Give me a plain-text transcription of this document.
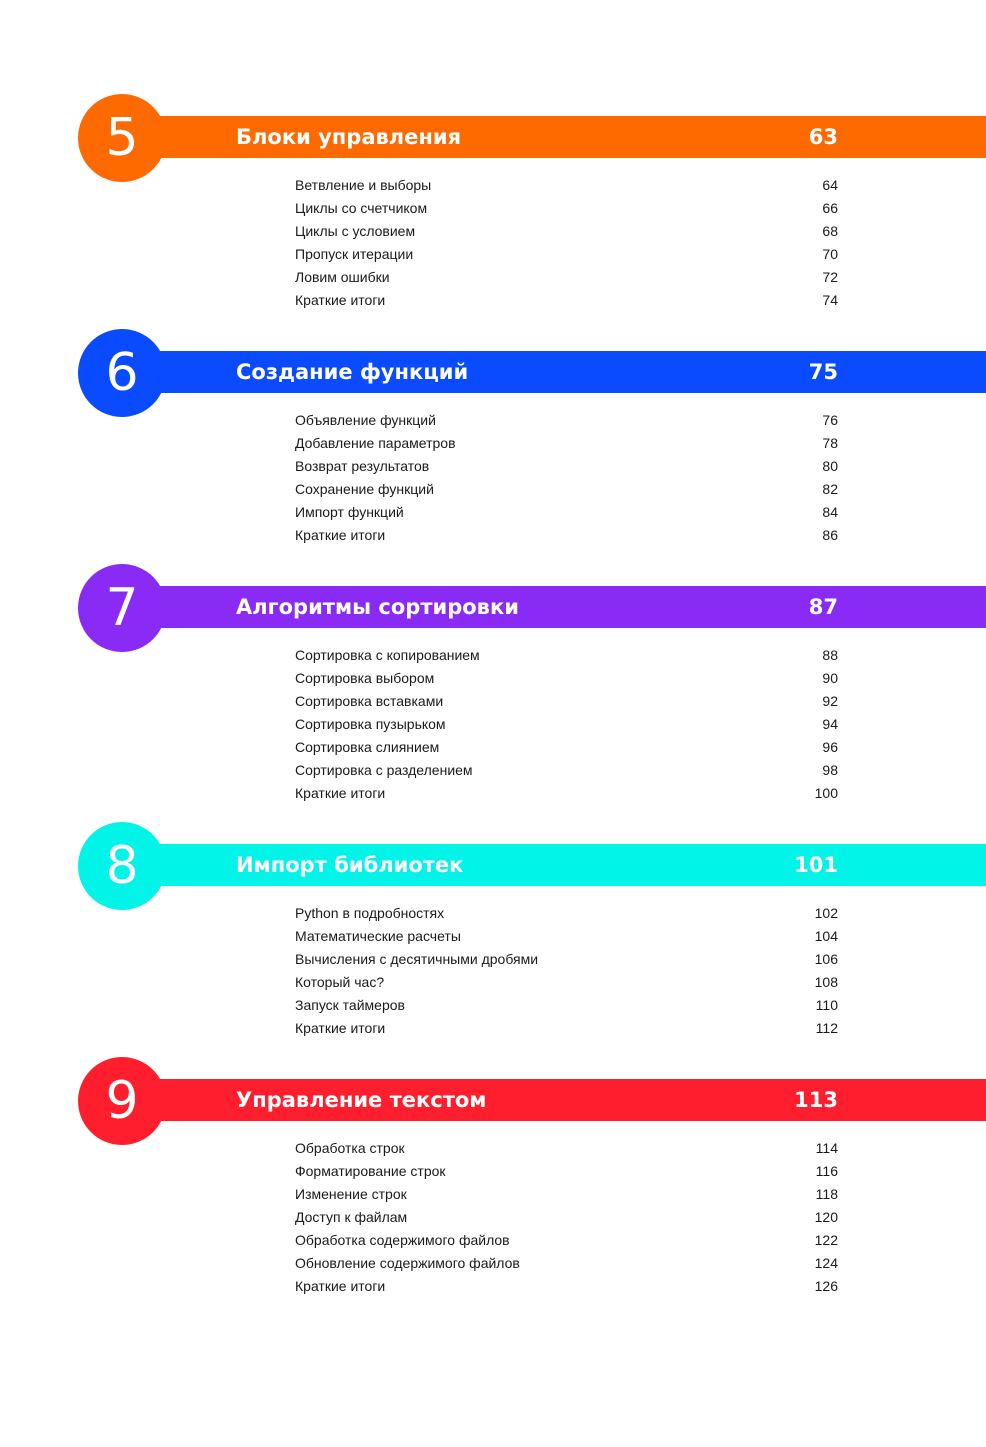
5	Блоки управления	63
Ветвление и выборы	64
Циклы со счетчиком	66
Циклы с условием	68
Пропуск итерации	70
Ловим ошибки	72
Краткие итоги	74
6	Создание функций	75
Объявление функций	76
Добавление параметров	78
Возврат результатов	80
Сохранение функций	82
Импорт функций	84
Краткие итоги	86
7	Алгоритмы сортировки	87
Сортировка с копированием	88
Сортировка выбором	90
Сортировка вставками	92
Сортировка пузырьком	94
Сортировка слиянием	96
Сортировка с разделением	98
Краткие итоги	100
8	Импорт библиотек	101
Python в подробностях	102
Математические расчеты	104
Вычисления с десятичными дробями	106
Который час?	108
Запуск таймеров	110
Краткие итоги	112
9	Управление текстом	113
Обработка строк	114
Форматирование строк	116
Изменение строк	118
Доступ к файлам	120
Обработка содержимого файлов	122
Обновление содержимого файлов	124
Краткие итоги	126
